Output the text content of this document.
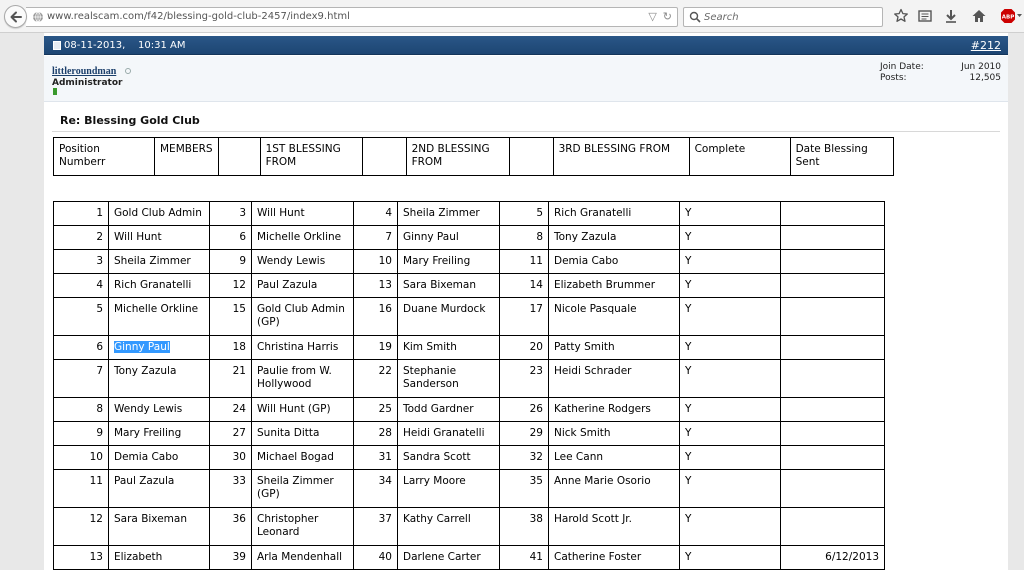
www.realscam.com/f42/blessing-gold-club-2457/index9.html	▽ ↻
Search	ABP
08-11-2013, 10:31 AM	#212
littleroundman
Administrator
Join Date:	Jun 2010
Posts:	12,505
Re: Blessing Gold Club
Position Numberr	MEMBERS		1ST BLESSING FROM		2ND BLESSING FROM		3RD BLESSING FROM	Complete	Date Blessing Sent
1	Gold Club Admin	3	Will Hunt	4	Sheila Zimmer	5	Rich Granatelli	Y	
2	Will Hunt	6	Michelle Orkline	7	Ginny Paul	8	Tony Zazula	Y	
3	Sheila Zimmer	9	Wendy Lewis	10	Mary Freiling	11	Demia Cabo	Y	
4	Rich Granatelli	12	Paul Zazula	13	Sara Bixeman	14	Elizabeth Brummer	Y	
5	Michelle Orkline	15	Gold Club Admin (GP)	16	Duane Murdock	17	Nicole Pasquale	Y	
6	Ginny Paul	18	Christina Harris	19	Kim Smith	20	Patty Smith	Y	
7	Tony Zazula	21	Paulie from W. Hollywood	22	Stephanie Sanderson	23	Heidi Schrader	Y	
8	Wendy Lewis	24	Will Hunt (GP)	25	Todd Gardner	26	Katherine Rodgers	Y	
9	Mary Freiling	27	Sunita Ditta	28	Heidi Granatelli	29	Nick Smith	Y	
10	Demia Cabo	30	Michael Bogad	31	Sandra Scott	32	Lee Cann	Y	
11	Paul Zazula	33	Sheila Zimmer (GP)	34	Larry Moore	35	Anne Marie Osorio	Y	
12	Sara Bixeman	36	Christopher Leonard	37	Kathy Carrell	38	Harold Scott Jr.	Y	
13	Elizabeth	39	Arla Mendenhall	40	Darlene Carter	41	Catherine Foster	Y	6/12/2013
